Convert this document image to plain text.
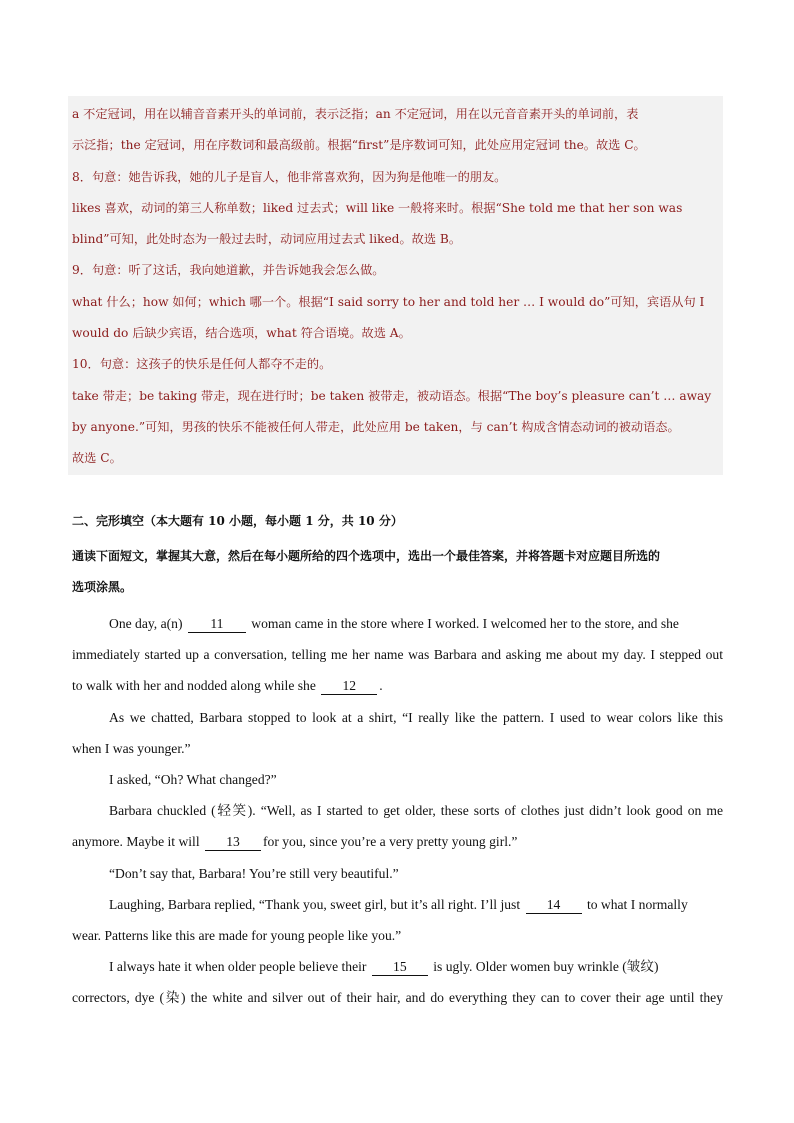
a 不定冠词，用在以辅音音素开头的单词前，表示泛指；an 不定冠词，用在以元音音素开头的单词前，表
示泛指；the 定冠词，用在序数词和最高级前。根据“first”是序数词可知，此处应用定冠词 the。故选 C。
8．句意：她告诉我，她的儿子是盲人，他非常喜欢狗，因为狗是他唯一的朋友。
likes 喜欢，动词的第三人称单数；liked 过去式；will like 一般将来时。根据“She told me that her son was
blind”可知，此处时态为一般过去时，动词应用过去式 liked。故选 B。
9．句意：听了这话，我向她道歉，并告诉她我会怎么做。
what 什么；how 如何；which 哪一个。根据“I said sorry to her and told her … I would do”可知，宾语从句 I
would do 后缺少宾语，结合选项，what 符合语境。故选 A。
10．句意：这孩子的快乐是任何人都夺不走的。
take 带走；be taking 带走，现在进行时；be taken 被带走，被动语态。根据“The boy’s pleasure can’t … away
by anyone.”可知，男孩的快乐不能被任何人带走，此处应用 be taken，与 can’t 构成含情态动词的被动语态。
故选 C。
二、完形填空（本大题有 10 小题，每小题 1 分，共 10 分）
通读下面短文，掌握其大意，然后在每小题所给的四个选项中，选出一个最佳答案，并将答题卡对应题目所选的
选项涂黑。
One day, a(n) 11 woman came in the store where I worked. I welcomed her to the store, and she
immediately started up a conversation, telling me her name was Barbara and asking me about my day. I stepped out
to walk with her and nodded along while she 12 .
As we chatted, Barbara stopped to look at a shirt, “I really like the pattern. I used to wear colors like this
when I was younger.”
I asked, “Oh? What changed?”
Barbara chuckled (轻笑). “Well, as I started to get older, these sorts of clothes just didn’t look good on me
anymore. Maybe it will 13 for you, since you’re a very pretty young girl.”
“Don’t say that, Barbara! You’re still very beautiful.”
Laughing, Barbara replied, “Thank you, sweet girl, but it’s all right. I’ll just 14 to what I normally
wear. Patterns like this are made for young people like you.”
I always hate it when older people believe their 15 is ugly. Older women buy wrinkle (皱纹)
correctors, dye (染) the white and silver out of their hair, and do everything they can to cover their age until they
